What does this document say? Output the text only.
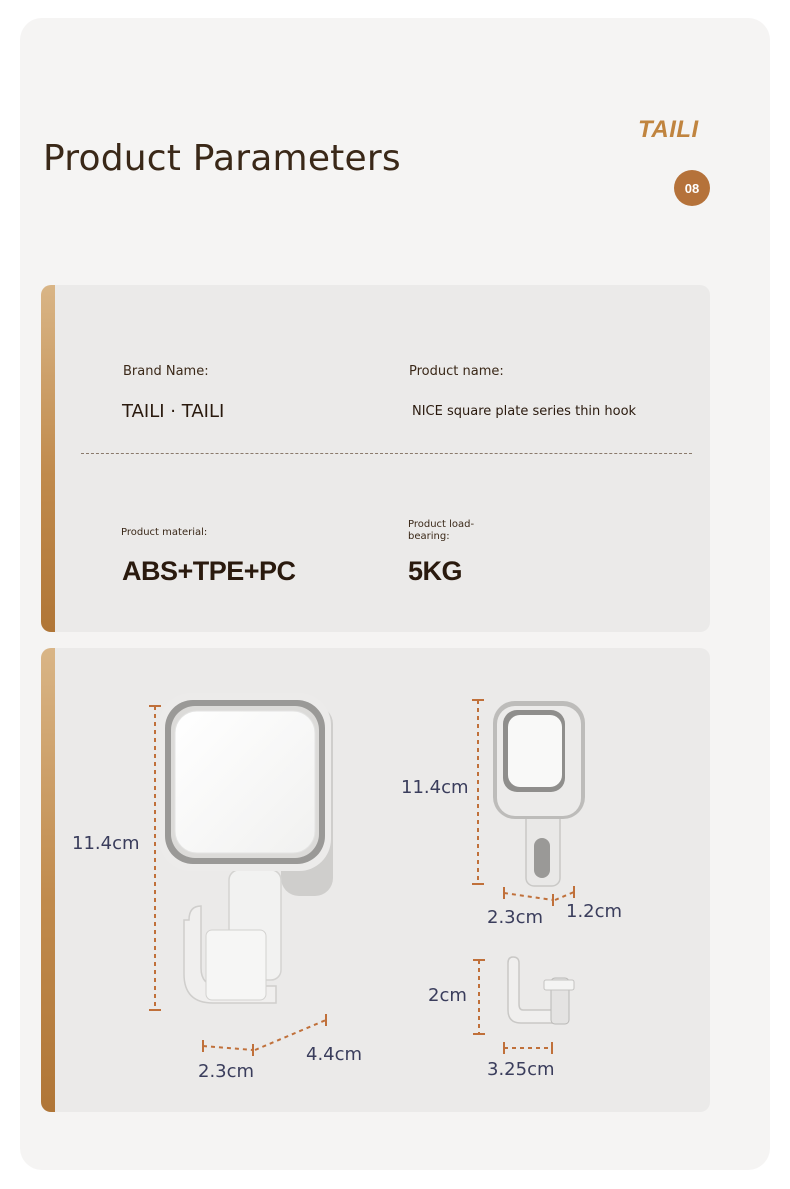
Product Parameters
TAILI
08
Brand Name:
TAILI · TAILI
Product name:
NICE square plate series thin hook
Product material:
ABS+TPE+PC
Product load-bearing:
5KG
11.4cm
2.3cm
4.4cm
11.4cm
2.3cm 1.2cm
2cm
3.25cm
